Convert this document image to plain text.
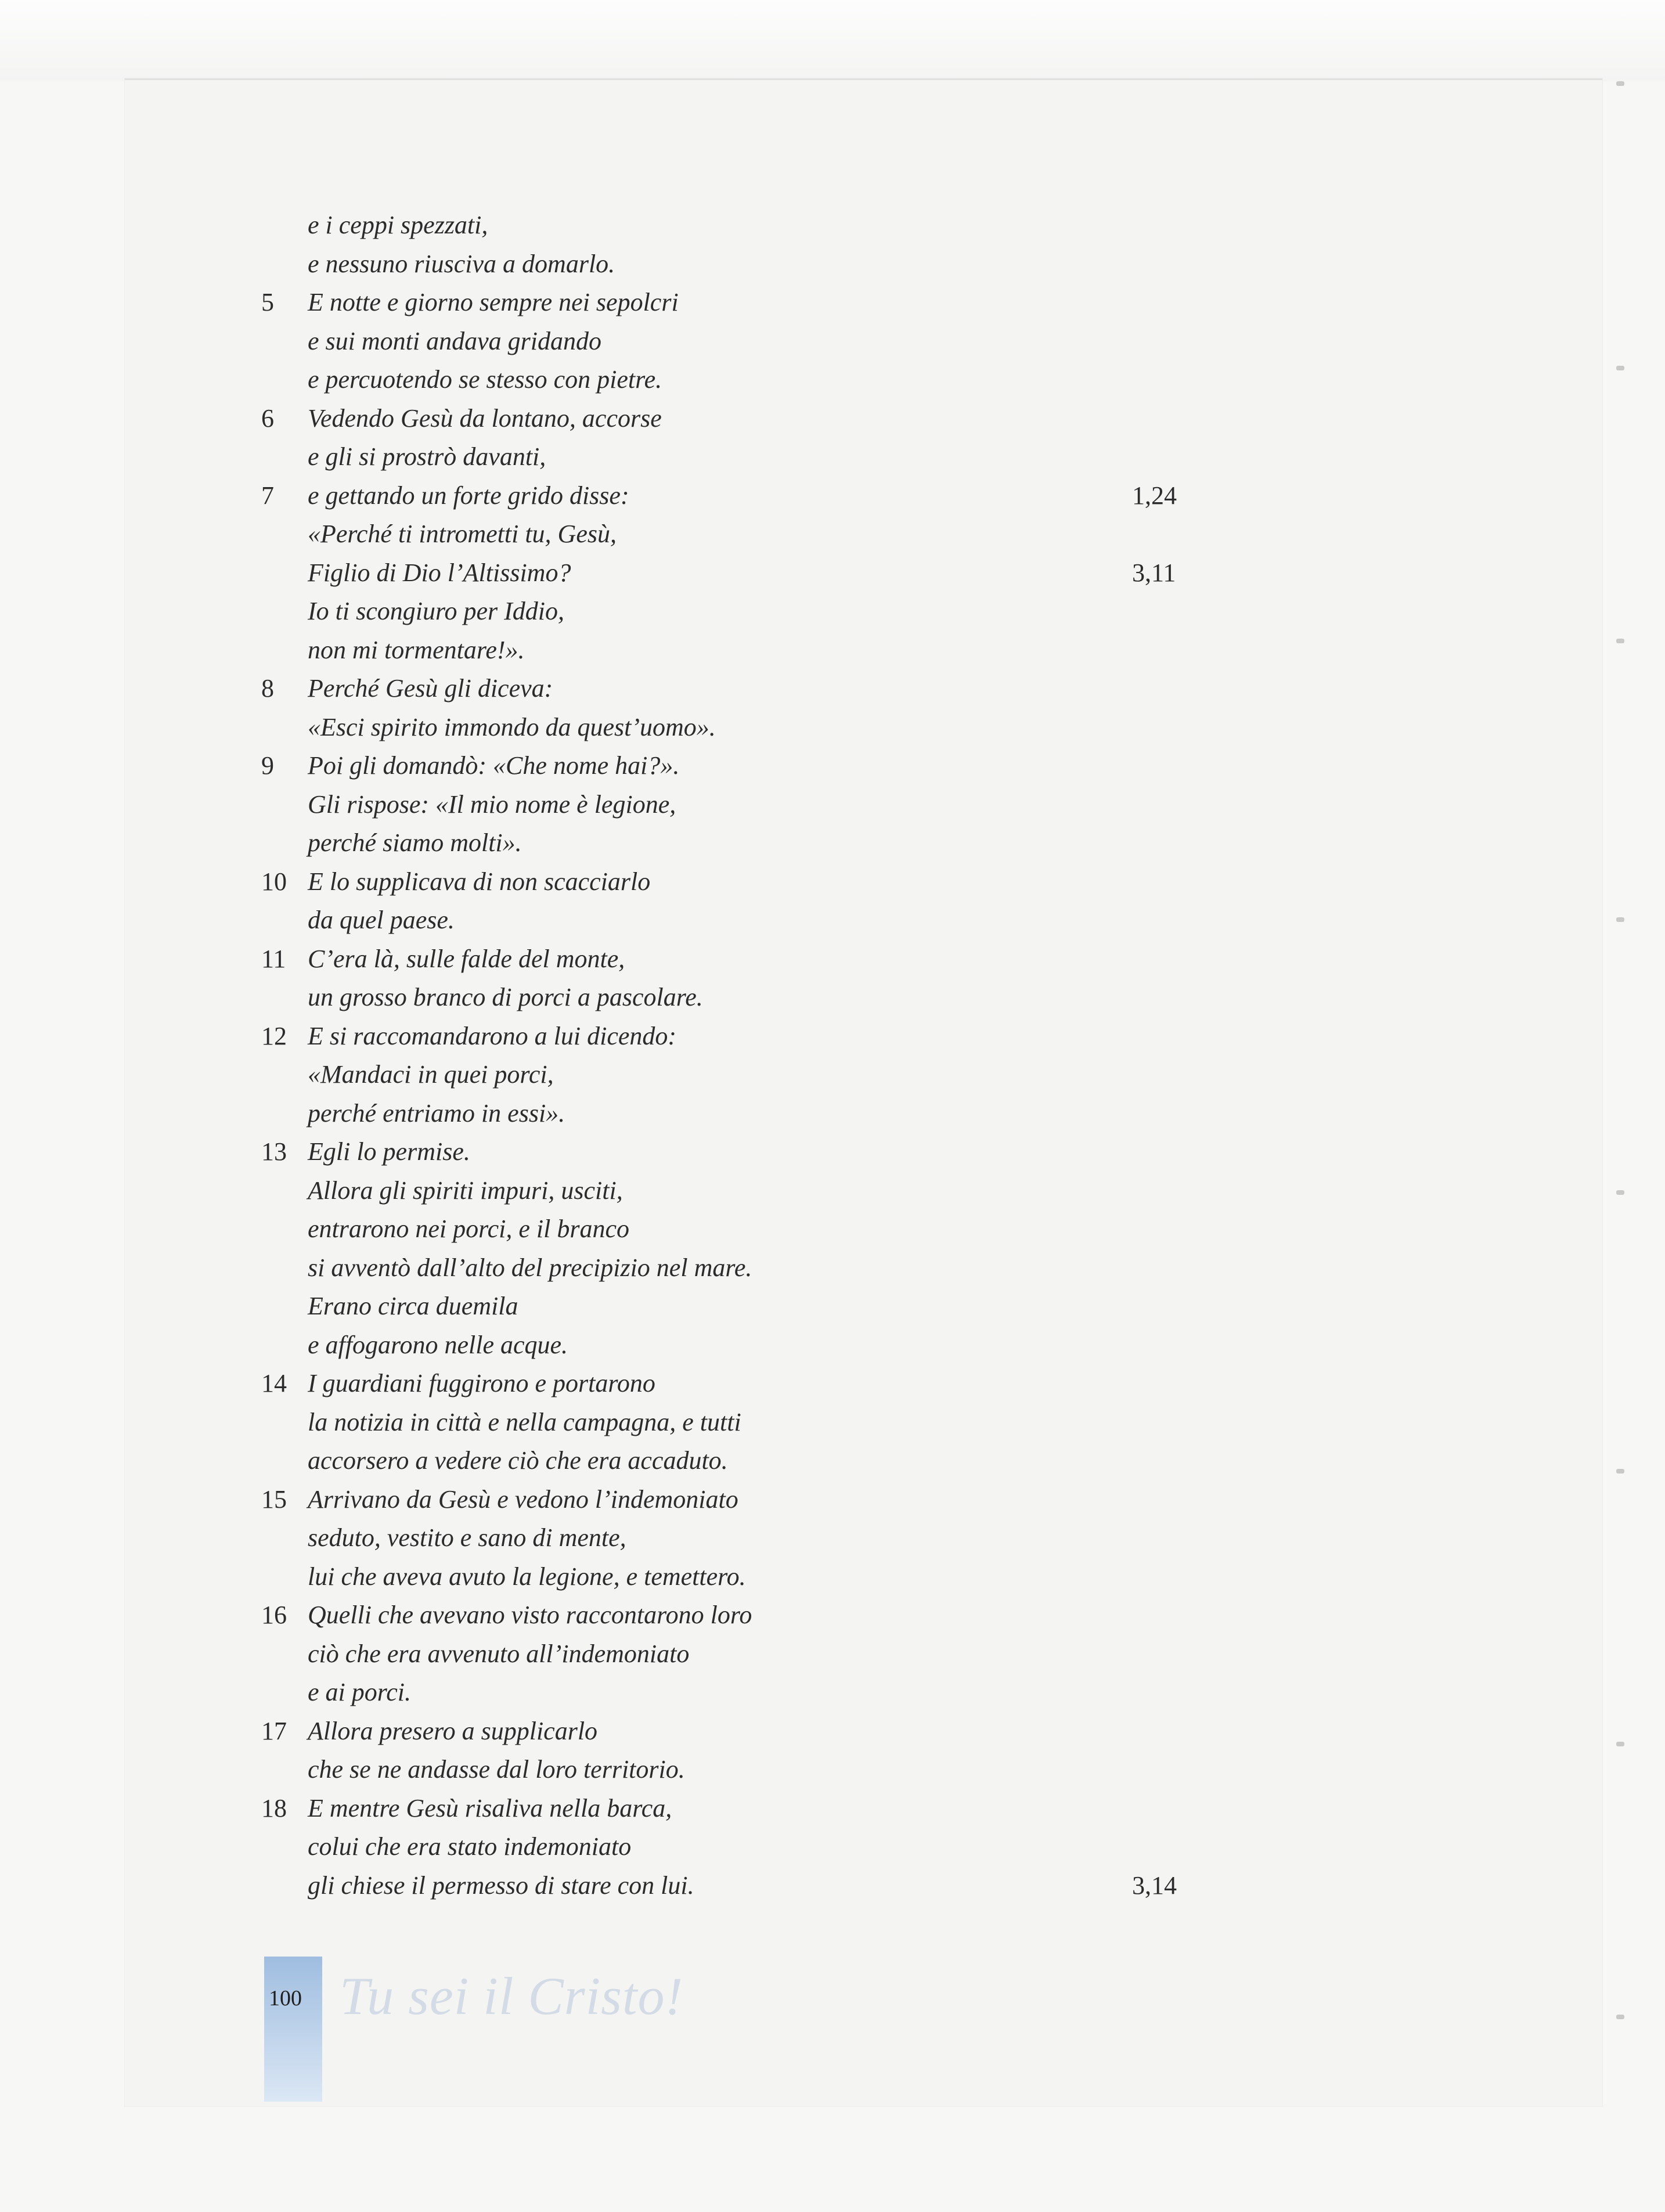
e i ceppi spezzati,
e nessuno riusciva a domarlo.
5 E notte e giorno sempre nei sepolcri
e sui monti andava gridando
e percuotendo se stesso con pietre.
6 Vedendo Gesù da lontano, accorse
e gli si prostrò davanti,
7 e gettando un forte grido disse:	1,24
«Perché ti intrometti tu, Gesù,
Figlio di Dio l’Altissimo?	3,11
Io ti scongiuro per Iddio,
non mi tormentare!».
8 Perché Gesù gli diceva:
«Esci spirito immondo da quest’uomo».
9 Poi gli domandò: «Che nome hai?».
Gli rispose: «Il mio nome è legione,
perché siamo molti».
10 E lo supplicava di non scacciarlo
da quel paese.
11 C’era là, sulle falde del monte,
un grosso branco di porci a pascolare.
12 E si raccomandarono a lui dicendo:
«Mandaci in quei porci,
perché entriamo in essi».
13 Egli lo permise.
Allora gli spiriti impuri, usciti,
entrarono nei porci, e il branco
si avventò dall’alto del precipizio nel mare.
Erano circa duemila
e affogarono nelle acque.
14 I guardiani fuggirono e portarono
la notizia in città e nella campagna, e tutti
accorsero a vedere ciò che era accaduto.
15 Arrivano da Gesù e vedono l’indemoniato
seduto, vestito e sano di mente,
lui che aveva avuto la legione, e temettero.
16 Quelli che avevano visto raccontarono loro
ciò che era avvenuto all’indemoniato
e ai porci.
17 Allora presero a supplicarlo
che se ne andasse dal loro territorio.
18 E mentre Gesù risaliva nella barca,
colui che era stato indemoniato
gli chiese il permesso di stare con lui.	3,14
100 Tu sei il Cristo!
